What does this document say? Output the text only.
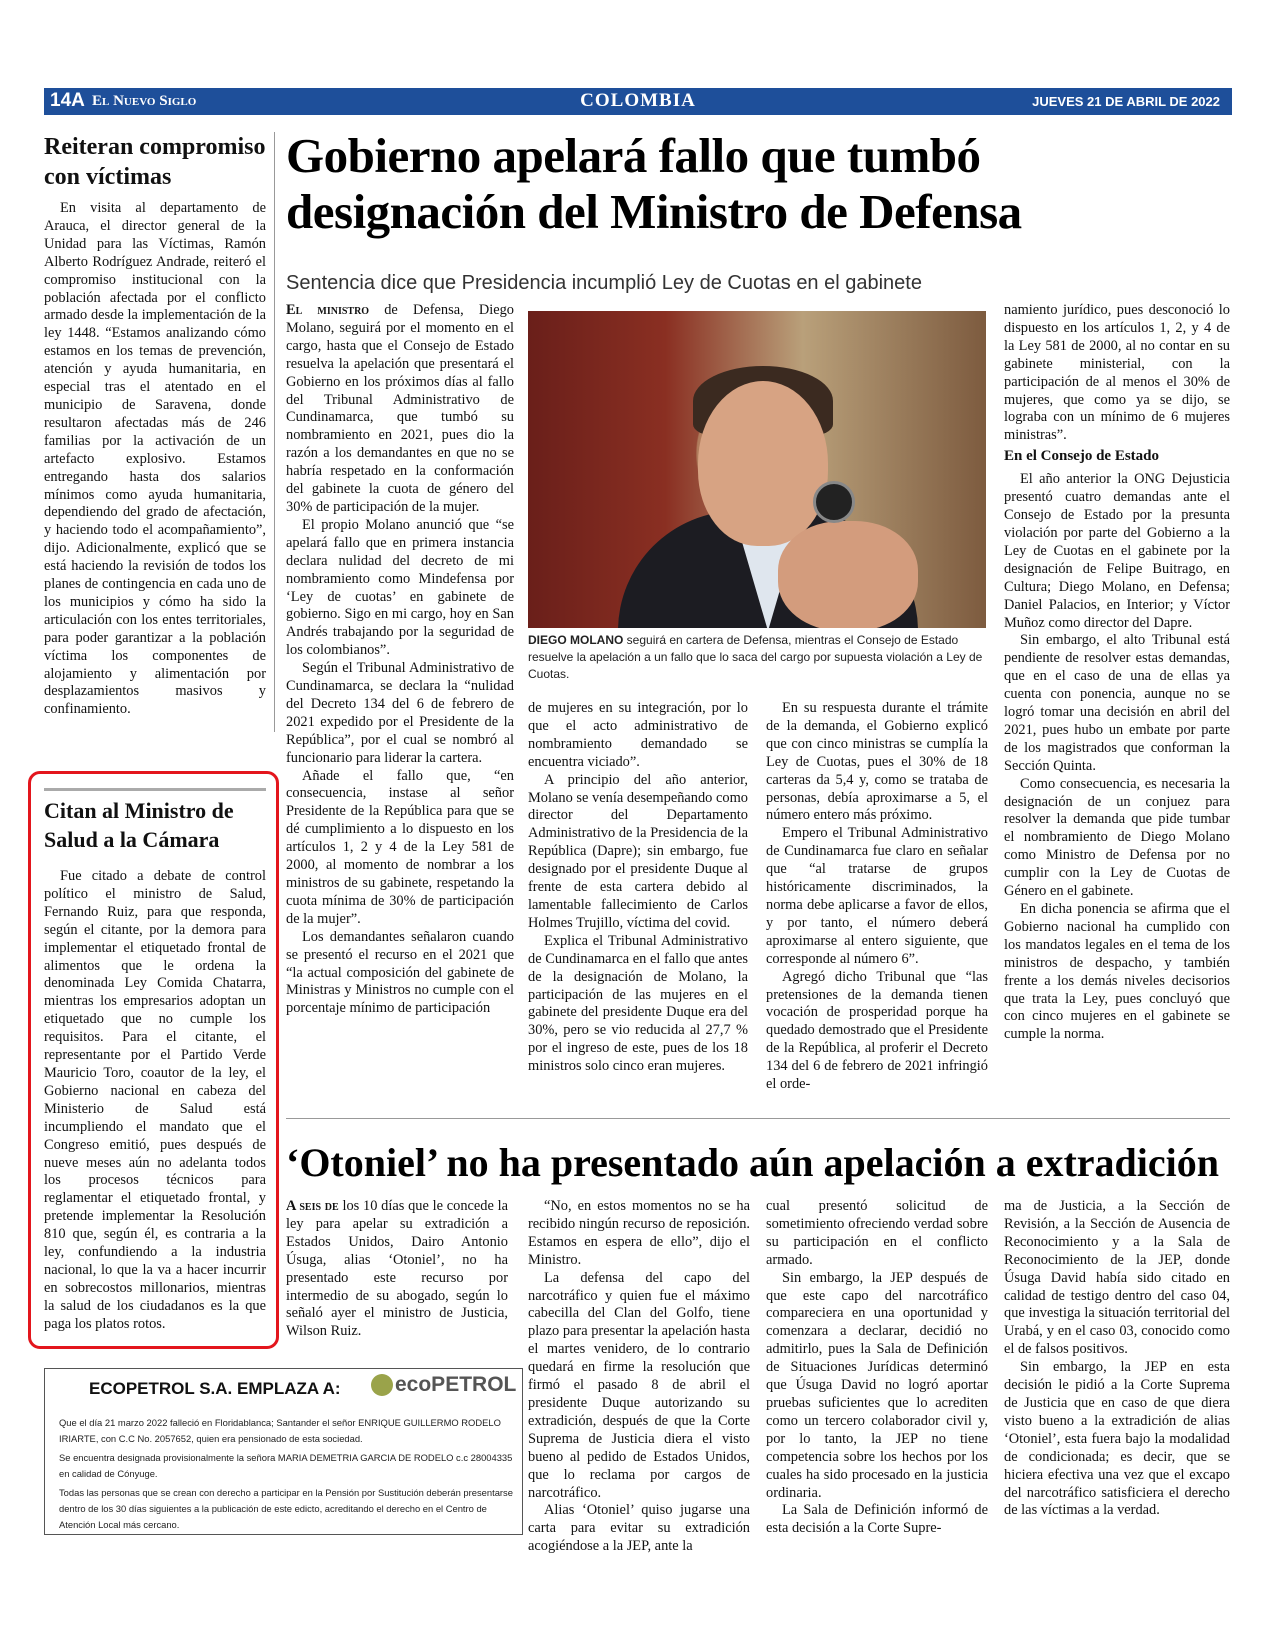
14A El Nuevo Siglo	COLOMBIA	JUEVES 21 DE ABRIL DE 2022
Reiteran compromiso con víctimas

En visita al departamento de Arauca, el director general de la Unidad para las Víctimas, Ramón Alberto Rodríguez Andrade, reiteró el compromiso institucional con la población afectada por el conflicto armado desde la implementación de la ley 1448. “Estamos analizando cómo estamos en los temas de prevención, atención y ayuda humanitaria, en especial tras el atentado en el municipio de Saravena, donde resultaron afectadas más de 246 familias por la activación de un artefacto explosivo. Estamos entregando hasta dos salarios mínimos como ayuda humanitaria, dependiendo del grado de afectación, y haciendo todo el acompañamiento”, dijo. Adicionalmente, explicó que se está haciendo la revisión de todos los planes de contingencia en cada uno de los municipios y cómo ha sido la articulación con los entes territoriales, para poder garantizar a la población víctima los componentes de alojamiento y alimentación por desplazamientos masivos y confinamiento.

Citan al Ministro de Salud a la Cámara

Fue citado a debate de control político el ministro de Salud, Fernando Ruiz, para que responda, según el citante, por la demora para implementar el etiquetado frontal de alimentos que le ordena la denominada Ley Comida Chatarra, mientras los empresarios adoptan un etiquetado que no cumple los requisitos. Para el citante, el representante por el Partido Verde Mauricio Toro, coautor de la ley, el Gobierno nacional en cabeza del Ministerio de Salud está incumpliendo el mandato que el Congreso emitió, pues después de nueve meses aún no adelanta todos los procesos técnicos para reglamentar el etiquetado frontal, y pretende implementar la Resolución 810 que, según él, es contraria a la ley, confundiendo a la industria nacional, lo que la va a hacer incurrir en sobrecostos millonarios, mientras la salud de los ciudadanos es la que paga los platos rotos.

Gobierno apelará fallo que tumbó designación del Ministro de Defensa
Sentencia dice que Presidencia incumplió Ley de Cuotas en el gabinete

El ministro de Defensa, Diego Molano, seguirá por el momento en el cargo, hasta que el Consejo de Estado resuelva la apelación que presentará el Gobierno en los próximos días al fallo del Tribunal Administrativo de Cundinamarca, que tumbó su nombramiento en 2021, pues dio la razón a los demandantes en que no se habría respetado en la conformación del gabinete la cuota de género del 30% de participación de la mujer.

El propio Molano anunció que “se apelará fallo que en primera instancia declara nulidad del decreto de mi nombramiento como Mindefensa por ‘Ley de cuotas’ en gabinete de gobierno. Sigo en mi cargo, hoy en San Andrés trabajando por la seguridad de los colombianos”.

Según el Tribunal Administrativo de Cundinamarca, se declara la “nulidad del Decreto 134 del 6 de febrero de 2021 expedido por el Presidente de la República”, por el cual se nombró al funcionario para liderar la cartera.

Añade el fallo que, “en consecuencia, instase al señor Presidente de la República para que se dé cumplimiento a lo dispuesto en los artículos 1, 2 y 4 de la Ley 581 de 2000, al momento de nombrar a los ministros de su gabinete, respetando la cuota mínima de 30% de participación de la mujer”.

Los demandantes señalaron cuando se presentó el recurso en el 2021 que “la actual composición del gabinete de Ministras y Ministros no cumple con el porcentaje mínimo de participación

DIEGO MOLANO seguirá en cartera de Defensa, mientras el Consejo de Estado resuelve la apelación a un fallo que lo saca del cargo por supuesta violación a Ley de Cuotas.

de mujeres en su integración, por lo que el acto administrativo de nombramiento demandado se encuentra viciado”.

A principio del año anterior, Molano se venía desempeñando como director del Departamento Administrativo de la Presidencia de la República (Dapre); sin embargo, fue designado por el presidente Duque al frente de esta cartera debido al lamentable fallecimiento de Carlos Holmes Trujillo, víctima del covid.

Explica el Tribunal Administrativo de Cundinamarca en el fallo que antes de la designación de Molano, la participación de las mujeres en el gabinete del presidente Duque era del 30%, pero se vio reducida al 27,7 % por el ingreso de este, pues de los 18 ministros solo cinco eran mujeres.

En su respuesta durante el trámite de la demanda, el Gobierno explicó que con cinco ministras se cumplía la Ley de Cuotas, pues el 30% de 18 carteras da 5,4 y, como se trataba de personas, debía aproximarse a 5, el número entero más próximo.

Empero el Tribunal Administrativo de Cundinamarca fue claro en señalar que “al tratarse de grupos históricamente discriminados, la norma debe aplicarse a favor de ellos, y por tanto, el número deberá aproximarse al entero siguiente, que corresponde al número 6”.

Agregó dicho Tribunal que “las pretensiones de la demanda tienen vocación de prosperidad porque ha quedado demostrado que el Presidente de la República, al proferir el Decreto 134 del 6 de febrero de 2021 infringió el orde-

namiento jurídico, pues desconoció lo dispuesto en los artículos 1, 2, y 4 de la Ley 581 de 2000, al no contar en su gabinete ministerial, con la participación de al menos el 30% de mujeres, que como ya se dijo, se lograba con un mínimo de 6 mujeres ministras”.

En el Consejo de Estado

El año anterior la ONG Dejusticia presentó cuatro demandas ante el Consejo de Estado por la presunta violación por parte del Gobierno a la Ley de Cuotas en el gabinete por la designación de Felipe Buitrago, en Cultura; Diego Molano, en Defensa; Daniel Palacios, en Interior; y Víctor Muñoz como director del Dapre.

Sin embargo, el alto Tribunal está pendiente de resolver estas demandas, que en el caso de una de ellas ya cuenta con ponencia, aunque no se logró tomar una decisión en abril del 2021, pues hubo un embate por parte de los magistrados que conforman la Sección Quinta.

Como consecuencia, es necesaria la designación de un conjuez para resolver la demanda que pide tumbar el nombramiento de Diego Molano como Ministro de Defensa por no cumplir con la Ley de Cuotas de Género en el gabinete.

En dicha ponencia se afirma que el Gobierno nacional ha cumplido con los mandatos legales en el tema de los ministros de despacho, y también frente a los demás niveles decisorios que trata la Ley, pues concluyó que con cinco mujeres en el gabinete se cumple la norma.

‘Otoniel’ no ha presentado aún apelación a extradición

A seis de los 10 días que le concede la ley para apelar su extradición a Estados Unidos, Dairo Antonio Úsuga, alias ‘Otoniel’, no ha presentado este recurso por intermedio de su abogado, según lo señaló ayer el ministro de Justicia, Wilson Ruiz.

“No, en estos momentos no se ha recibido ningún recurso de reposición. Estamos en espera de ello”, dijo el Ministro.

La defensa del capo del narcotráfico y quien fue el máximo cabecilla del Clan del Golfo, tiene plazo para presentar la apelación hasta el martes venidero, de lo contrario quedará en firme la resolución que firmó el pasado 8 de abril el presidente Duque autorizando su extradición, después de que la Corte Suprema de Justicia diera el visto bueno al pedido de Estados Unidos, que lo reclama por cargos de narcotráfico.

Alias ‘Otoniel’ quiso jugarse una carta para evitar su extradición acogiéndose a la JEP, ante la

cual presentó solicitud de sometimiento ofreciendo verdad sobre su participación en el conflicto armado.

Sin embargo, la JEP después de que este capo del narcotráfico compareciera en una oportunidad y comenzara a declarar, decidió no admitirlo, pues la Sala de Definición de Situaciones Jurídicas determinó que Úsuga David no logró aportar pruebas suficientes que lo acrediten como un tercero colaborador civil y, por lo tanto, la JEP no tiene competencia sobre los hechos por los cuales ha sido procesado en la justicia ordinaria.

La Sala de Definición informó de esta decisión a la Corte Supre-

ma de Justicia, a la Sección de Revisión, a la Sección de Ausencia de Reconocimiento y a la Sala de Reconocimiento de la JEP, donde Úsuga David había sido citado en calidad de testigo dentro del caso 04, que investiga la situación territorial del Urabá, y en el caso 03, conocido como el de falsos positivos.

Sin embargo, la JEP en esta decisión le pidió a la Corte Suprema de Justicia que en caso de que diera visto bueno a la extradición de alias ‘Otoniel’, esta fuera bajo la modalidad de condicionada; es decir, que se hiciera efectiva una vez que el excapo del narcotráfico satisficiera el derecho de las víctimas a la verdad.

ECOPETROL S.A. EMPLAZA A:	ecoPETROL

Que el día 21 marzo 2022 falleció en Floridablanca; Santander el señor ENRIQUE GUILLERMO RODELO IRIARTE, con C.C No. 2057652, quien era pensionado de esta sociedad.

Se encuentra designada provisionalmente la señora MARIA DEMETRIA GARCIA DE RODELO c.c 28004335 en calidad de Cónyuge.

Todas las personas que se crean con derecho a participar en la Pensión por Sustitución deberán presentarse dentro de los 30 días siguientes a la publicación de este edicto, acreditando el derecho en el Centro de Atención Local más cercano.
